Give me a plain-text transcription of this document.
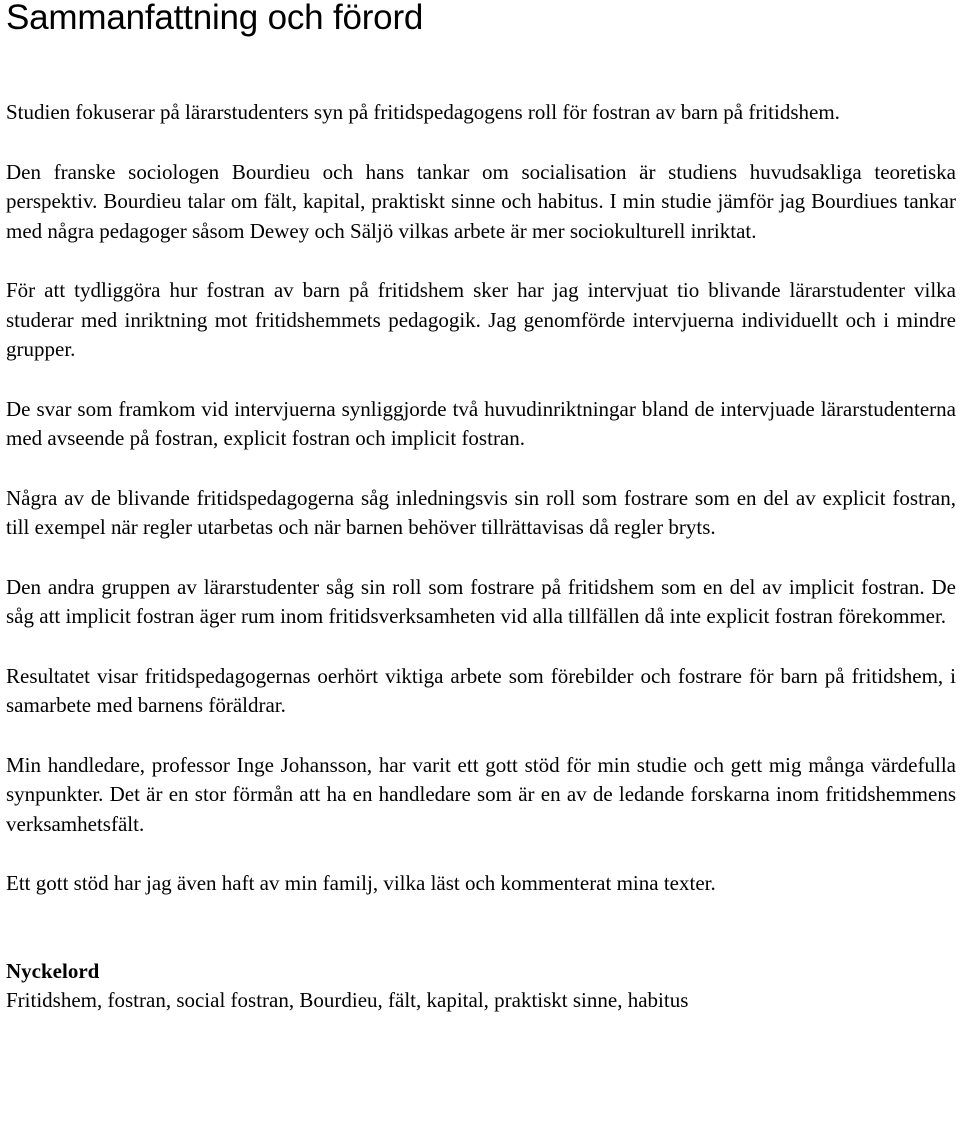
Sammanfattning och förord

Studien fokuserar på lärarstudenters syn på fritidspedagogens roll för fostran av barn på fritidshem.

Den franske sociologen Bourdieu och hans tankar om socialisation är studiens huvudsakliga teoretiska perspektiv. Bourdieu talar om fält, kapital, praktiskt sinne och habitus. I min studie jämför jag Bourdiues tankar med några pedagoger såsom Dewey och Säljö vilkas arbete är mer sociokulturell inriktat.

För att tydliggöra hur fostran av barn på fritidshem sker har jag intervjuat tio blivande lärarstudenter vilka studerar med inriktning mot fritidshemmets pedagogik. Jag genomförde intervjuerna individuellt och i mindre grupper.

De svar som framkom vid intervjuerna synliggjorde två huvudinriktningar bland de intervjuade lärarstudenterna med avseende på fostran, explicit fostran och implicit fostran.

Några av de blivande fritidspedagogerna såg inledningsvis sin roll som fostrare som en del av explicit fostran, till exempel när regler utarbetas och när barnen behöver tillrättavisas då regler bryts.

Den andra gruppen av lärarstudenter såg sin roll som fostrare på fritidshem som en del av implicit fostran. De såg att implicit fostran äger rum inom fritidsverksamheten vid alla tillfällen då inte explicit fostran förekommer.

Resultatet visar fritidspedagogernas oerhört viktiga arbete som förebilder och fostrare för barn på fritidshem, i samarbete med barnens föräldrar.

Min handledare, professor Inge Johansson, har varit ett gott stöd för min studie och gett mig många värdefulla synpunkter. Det är en stor förmån att ha en handledare som är en av de ledande forskarna inom fritidshemmens verksamhetsfält.

Ett gott stöd har jag även haft av min familj, vilka läst och kommenterat mina texter.

Nyckelord
Fritidshem, fostran, social fostran, Bourdieu, fält, kapital, praktiskt sinne, habitus
